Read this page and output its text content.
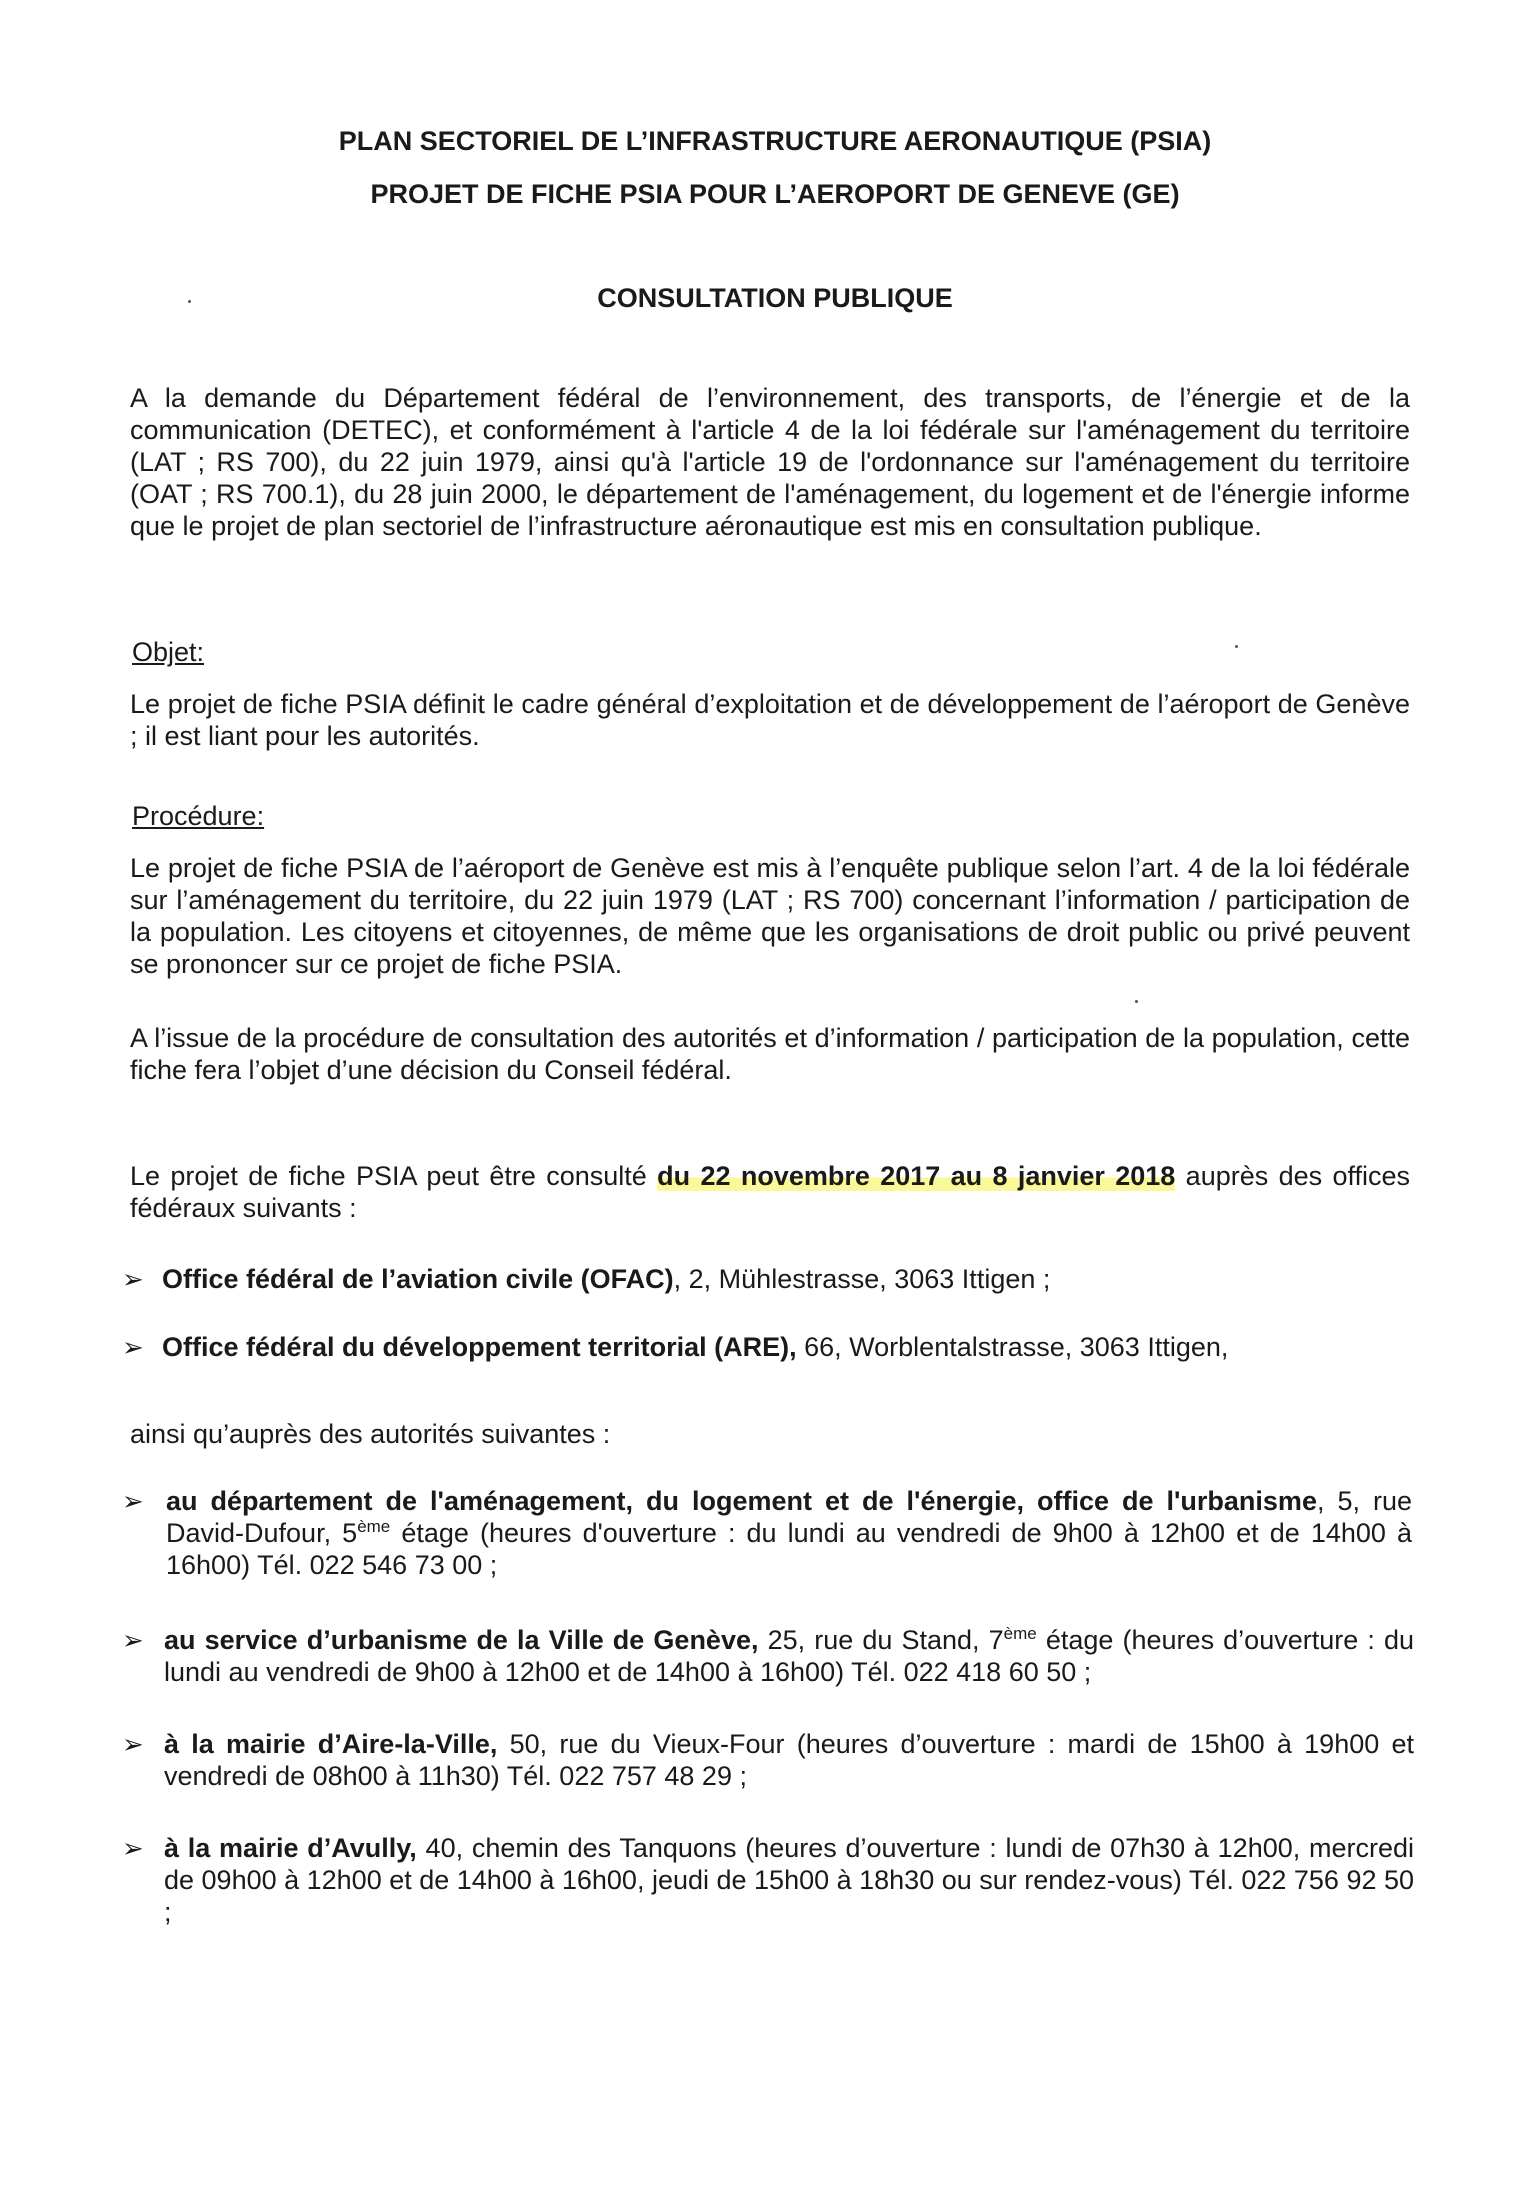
PLAN SECTORIEL DE L’INFRASTRUCTURE AERONAUTIQUE (PSIA)
PROJET DE FICHE PSIA POUR L’AEROPORT DE GENEVE (GE)
CONSULTATION PUBLIQUE
A la demande du Département fédéral de l’environnement, des transports, de l’énergie et de la communication (DETEC), et conformément à l'article 4 de la loi fédérale sur l'aménagement du territoire (LAT ; RS 700), du 22 juin 1979, ainsi qu'à l'article 19 de l'ordonnance sur l'aménagement du territoire (OAT ; RS 700.1), du 28 juin 2000, le département de l'aménagement, du logement et de l'énergie informe que le projet de plan sectoriel de l’infrastructure aéronautique est mis en consultation publique.
Objet:
Le projet de fiche PSIA définit le cadre général d’exploitation et de développement de l’aéroport de Genève ; il est liant pour les autorités.
Procédure:
Le projet de fiche PSIA de l’aéroport de Genève est mis à l’enquête publique selon l’art. 4 de la loi fédérale sur l’aménagement du territoire, du 22 juin 1979 (LAT ; RS 700) concernant l’information / participation de la population. Les citoyens et citoyennes, de même que les organisations de droit public ou privé peuvent se prononcer sur ce projet de fiche PSIA.
A l’issue de la procédure de consultation des autorités et d’information / participation de la population, cette fiche fera l’objet d’une décision du Conseil fédéral.
Le projet de fiche PSIA peut être consulté du 22 novembre 2017 au 8 janvier 2018 auprès des offices fédéraux suivants :
➢ Office fédéral de l’aviation civile (OFAC), 2, Mühlestrasse, 3063 Ittigen ;
➢ Office fédéral du développement territorial (ARE), 66, Worblentalstrasse, 3063 Ittigen,
ainsi qu’auprès des autorités suivantes :
➢ au département de l'aménagement, du logement et de l'énergie, office de l'urbanisme, 5, rue David-Dufour, 5ème étage (heures d'ouverture : du lundi au vendredi de 9h00 à 12h00 et de 14h00 à 16h00) Tél. 022 546 73 00 ;
➢ au service d’urbanisme de la Ville de Genève, 25, rue du Stand, 7ème étage (heures d’ouverture : du lundi au vendredi de 9h00 à 12h00 et de 14h00 à 16h00) Tél. 022 418 60 50 ;
➢ à la mairie d’Aire-la-Ville, 50, rue du Vieux-Four (heures d’ouverture : mardi de 15h00 à 19h00 et vendredi de 08h00 à 11h30) Tél. 022 757 48 29 ;
➢ à la mairie d’Avully, 40, chemin des Tanquons (heures d’ouverture : lundi de 07h30 à 12h00, mercredi de 09h00 à 12h00 et de 14h00 à 16h00, jeudi de 15h00 à 18h30 ou sur rendez-vous) Tél. 022 756 92 50 ;
